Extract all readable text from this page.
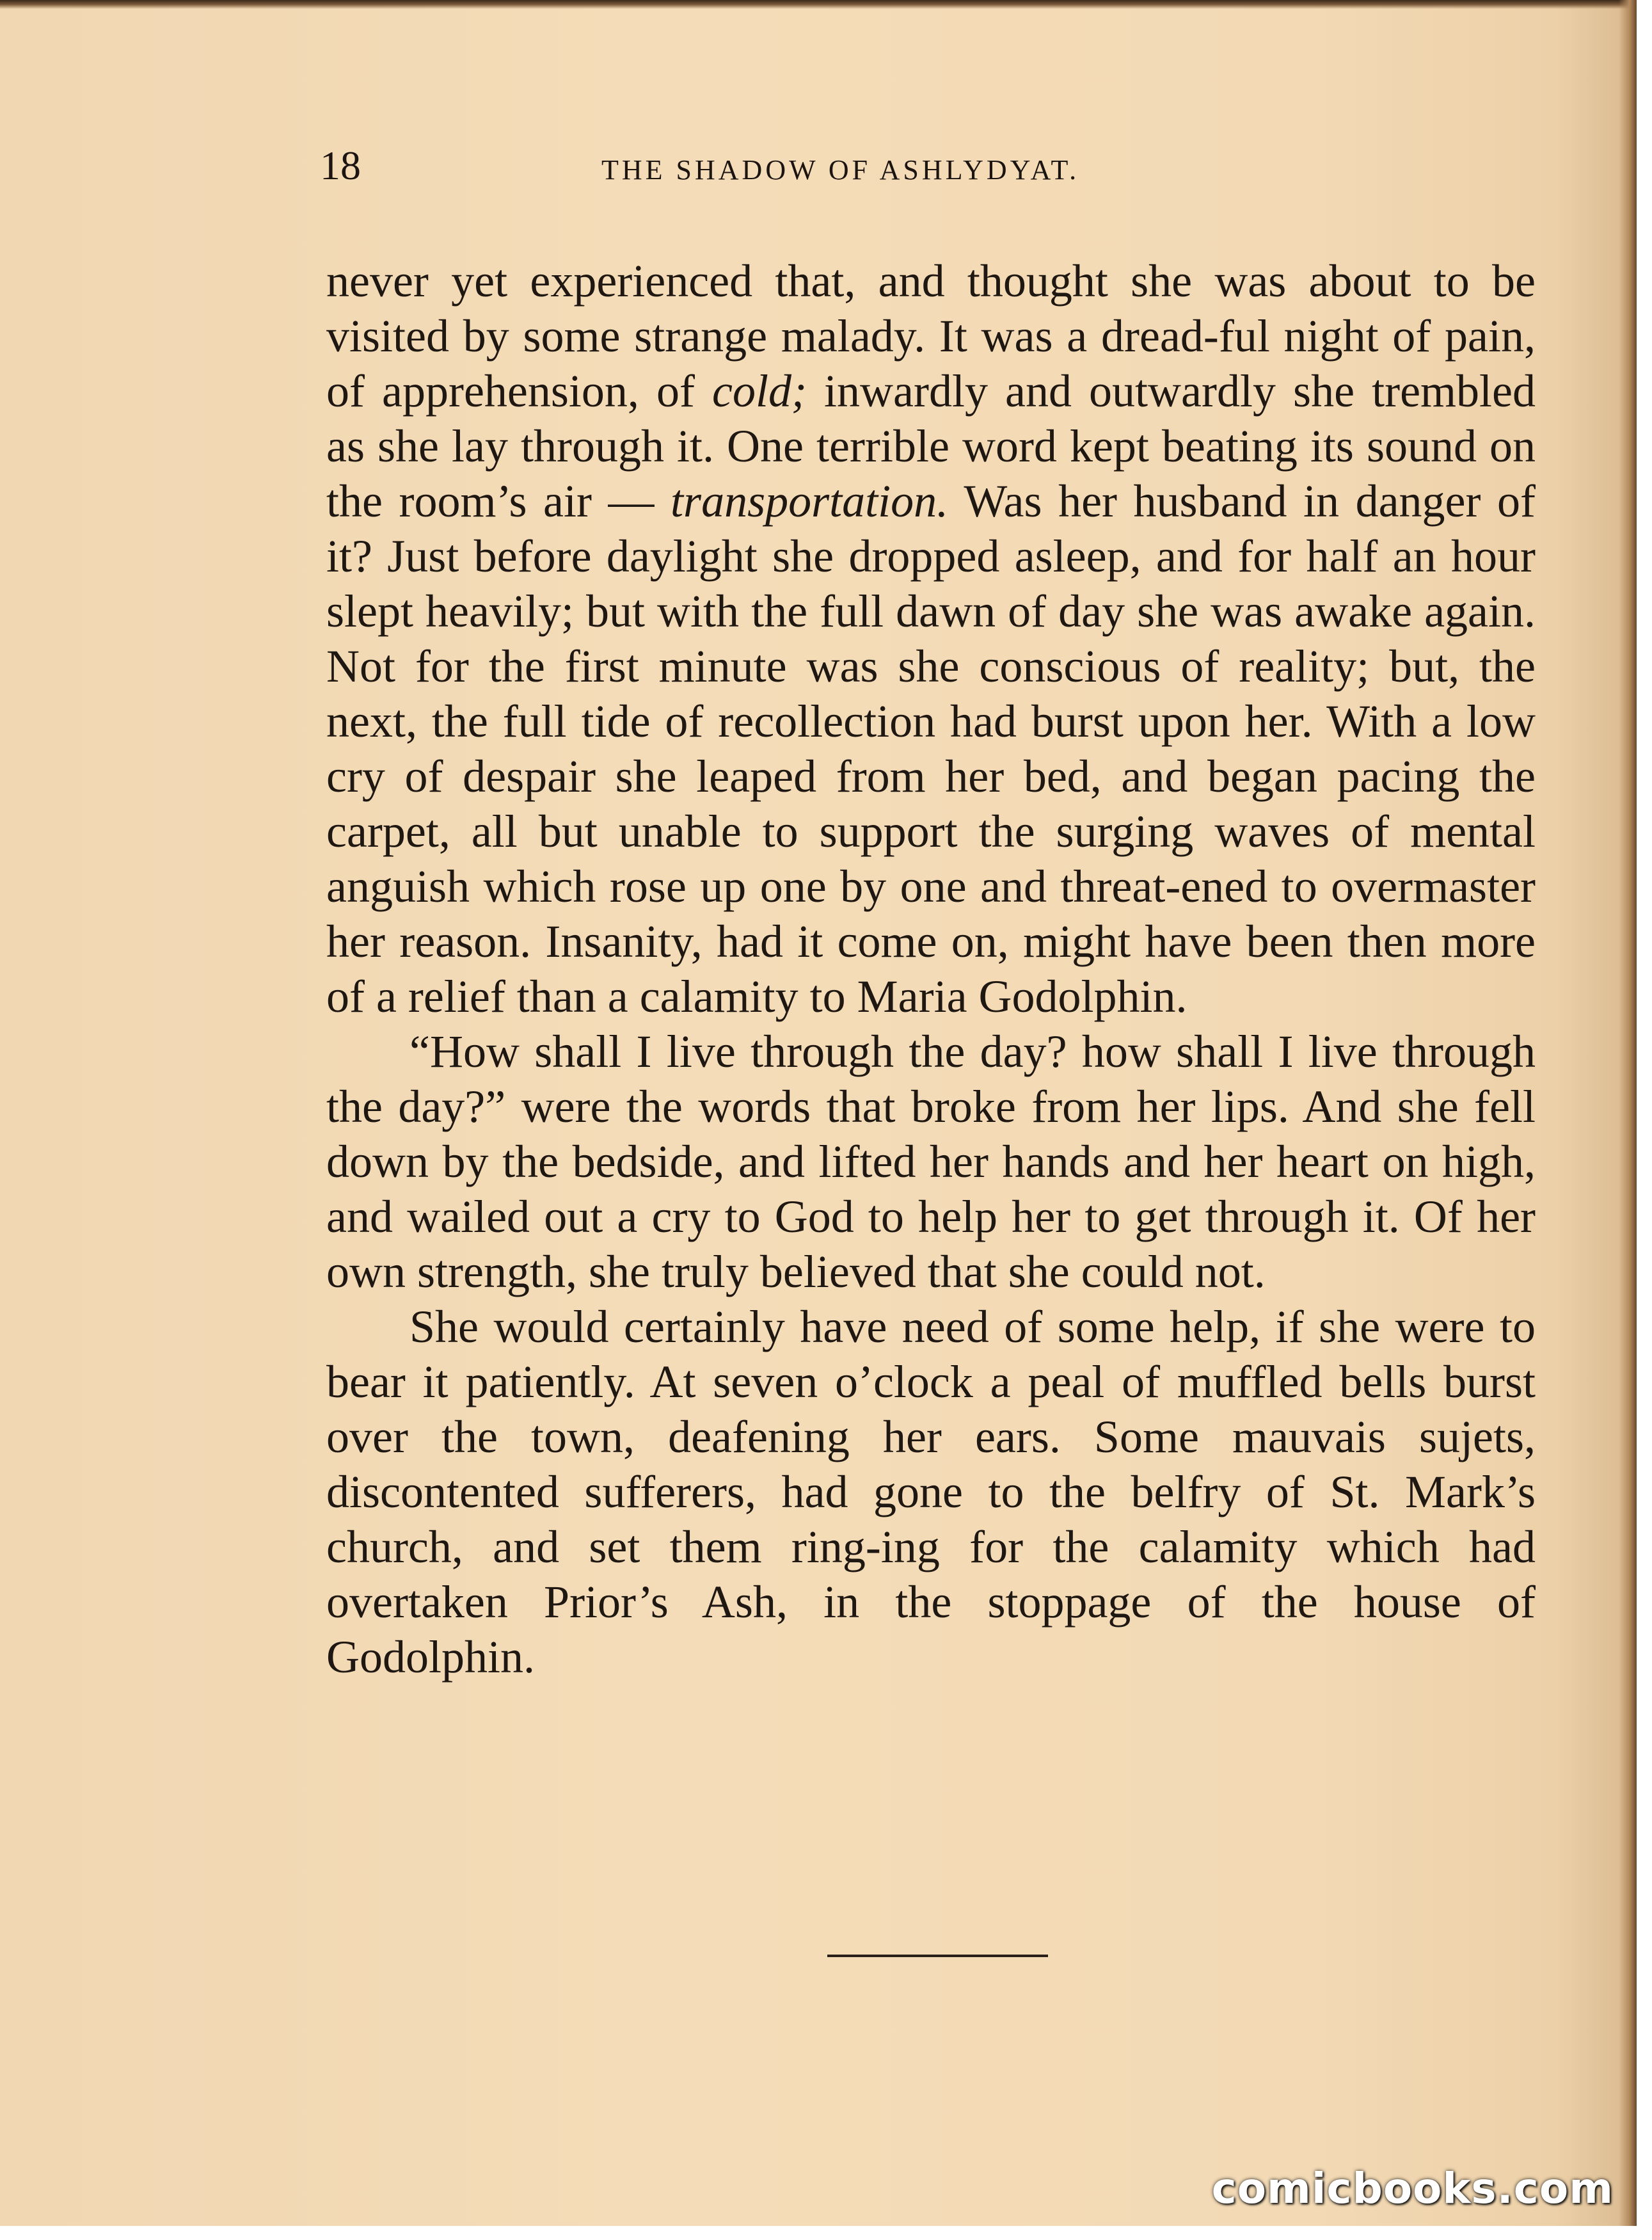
18	THE SHADOW OF ASHLYDYAT.

never yet experienced that, and thought she was about to be visited by some strange malady. It was a dread-ful night of pain, of apprehension, of cold; inwardly and outwardly she trembled as she lay through it. One terrible word kept beating its sound on the room’s air — transportation. Was her husband in danger of it? Just before daylight she dropped asleep, and for half an hour slept heavily; but with the full dawn of day she was awake again. Not for the first minute was she conscious of reality; but, the next, the full tide of recollection had burst upon her. With a low cry of despair she leaped from her bed, and began pacing the carpet, all but unable to support the surging waves of mental anguish which rose up one by one and threat-ened to overmaster her reason. Insanity, had it come on, might have been then more of a relief than a calamity to Maria Godolphin.

“How shall I live through the day? how shall I live through the day?” were the words that broke from her lips. And she fell down by the bedside, and lifted her hands and her heart on high, and wailed out a cry to God to help her to get through it. Of her own strength, she truly believed that she could not.

She would certainly have need of some help, if she were to bear it patiently. At seven o’clock a peal of muffled bells burst over the town, deafening her ears. Some mauvais sujets, discontented sufferers, had gone to the belfry of St. Mark’s church, and set them ring-ing for the calamity which had overtaken Prior’s Ash, in the stoppage of the house of Godolphin.

comicbooks.com
